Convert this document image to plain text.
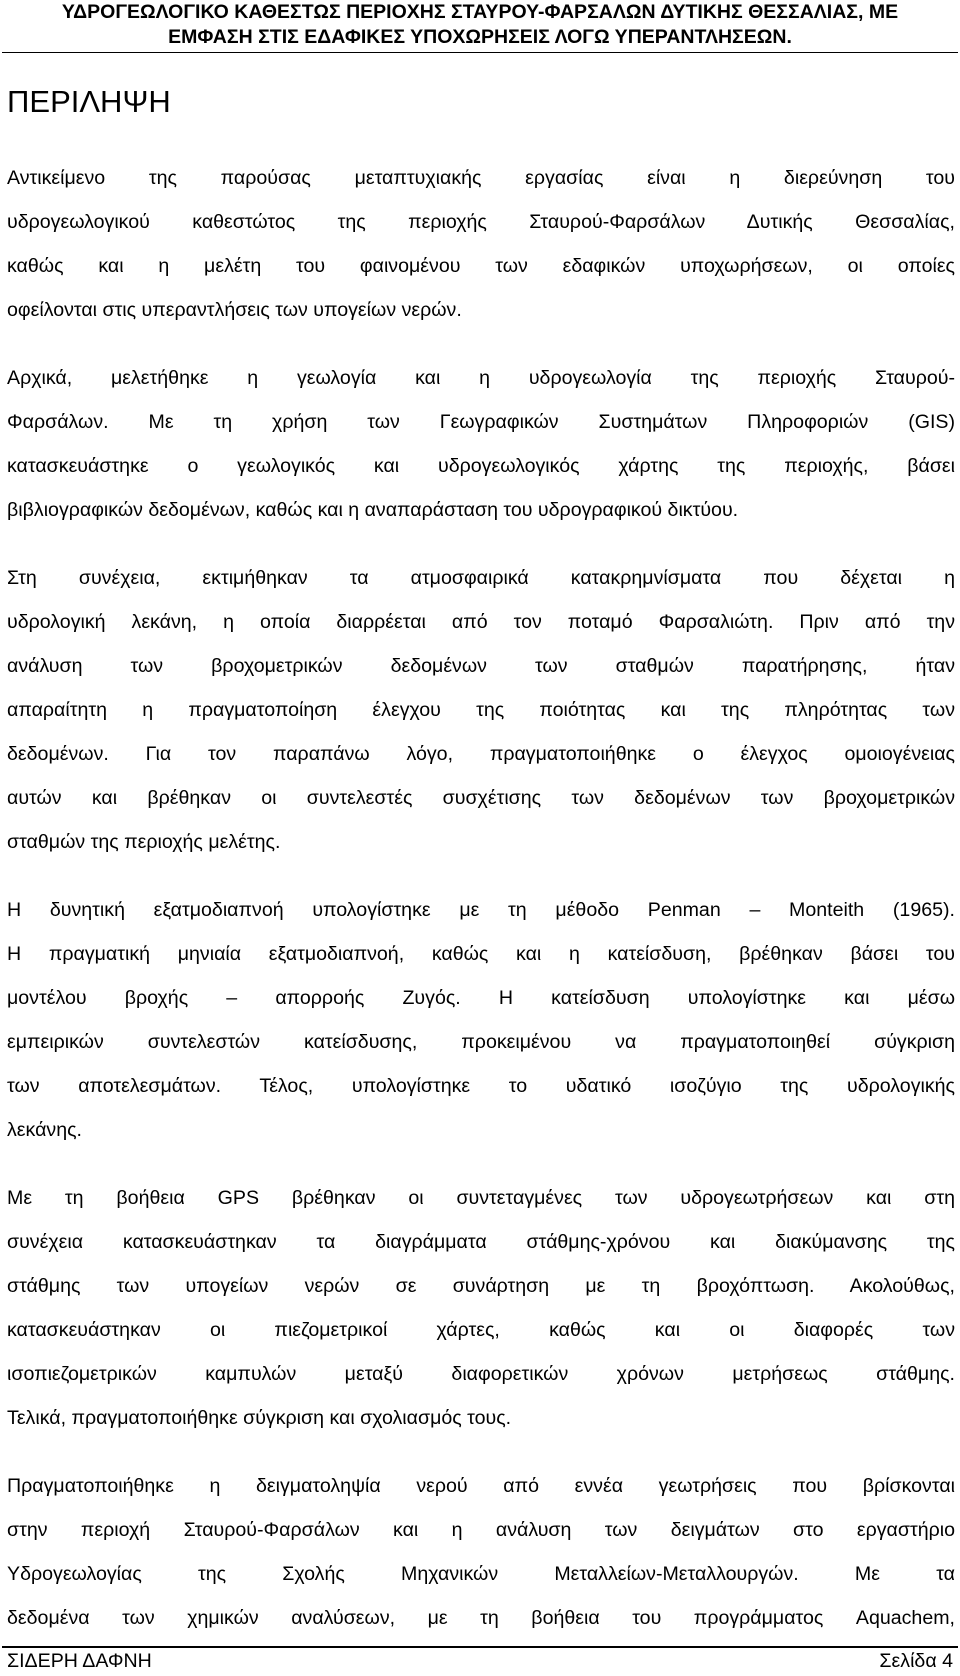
ΥΔΡΟΓΕΩΛΟΓΙΚΟ ΚΑΘΕΣΤΩΣ ΠΕΡΙΟΧΗΣ ΣΤΑΥΡΟΥ-ΦΑΡΣΑΛΩΝ ΔΥΤΙΚΗΣ ΘΕΣΣΑΛΙΑΣ, ΜΕ
ΕΜΦΑΣΗ ΣΤΙΣ ΕΔΑΦΙΚΕΣ ΥΠΟΧΩΡΗΣΕΙΣ ΛΟΓΩ ΥΠΕΡΑΝΤΛΗΣΕΩΝ.
ΠΕΡΙΛΗΨΗ
Αντικείμενο της παρούσας μεταπτυχιακής εργασίας είναι η διερεύνηση του
υδρογεωλογικού καθεστώτος της περιοχής Σταυρού-Φαρσάλων Δυτικής Θεσσαλίας,
καθώς και η μελέτη του φαινομένου των εδαφικών υποχωρήσεων, οι οποίες
οφείλονται στις υπεραντλήσεις των υπογείων νερών.
Αρχικά, μελετήθηκε η γεωλογία και η υδρογεωλογία της περιοχής Σταυρού-
Φαρσάλων. Με τη χρήση των Γεωγραφικών Συστημάτων Πληροφοριών (GIS)
κατασκευάστηκε ο γεωλογικός και υδρογεωλογικός χάρτης της περιοχής, βάσει
βιβλιογραφικών δεδομένων, καθώς και η αναπαράσταση του υδρογραφικού δικτύου.
Στη συνέχεια, εκτιμήθηκαν τα ατμοσφαιρικά κατακρημνίσματα που δέχεται η
υδρολογική λεκάνη, η οποία διαρρέεται από τον ποταμό Φαρσαλιώτη. Πριν από την
ανάλυση των βροχομετρικών δεδομένων των σταθμών παρατήρησης, ήταν
απαραίτητη η πραγματοποίηση έλεγχου της ποιότητας και της πληρότητας των
δεδομένων. Για τον παραπάνω λόγο, πραγματοποιήθηκε ο έλεγχος ομοιογένειας
αυτών και βρέθηκαν οι συντελεστές συσχέτισης των δεδομένων των βροχομετρικών
σταθμών της περιοχής μελέτης.
Η δυνητική εξατμοδιαπνοή υπολογίστηκε με τη μέθοδο Penman – Monteith (1965).
Η πραγματική μηνιαία εξατμοδιαπνοή, καθώς και η κατείσδυση, βρέθηκαν βάσει του
μοντέλου βροχής – απορροής Ζυγός. Η κατείσδυση υπολογίστηκε και μέσω
εμπειρικών συντελεστών κατείσδυσης, προκειμένου να πραγματοποιηθεί σύγκριση
των αποτελεσμάτων. Τέλος, υπολογίστηκε το υδατικό ισοζύγιο της υδρολογικής
λεκάνης.
Με τη βοήθεια GPS βρέθηκαν οι συντεταγμένες των υδρογεωτρήσεων και στη
συνέχεια κατασκευάστηκαν τα διαγράμματα στάθμης-χρόνου και διακύμανσης της
στάθμης των υπογείων νερών σε συνάρτηση με τη βροχόπτωση. Ακολούθως,
κατασκευάστηκαν οι πιεζομετρικοί χάρτες, καθώς και οι διαφορές των
ισοπιεζομετρικών καμπυλών μεταξύ διαφορετικών χρόνων μετρήσεως στάθμης.
Τελικά, πραγματοποιήθηκε σύγκριση και σχολιασμός τους.
Πραγματοποιήθηκε η δειγματοληψία νερού από εννέα γεωτρήσεις που βρίσκονται
στην περιοχή Σταυρού-Φαρσάλων και η ανάλυση των δειγμάτων στο εργαστήριο
Υδρογεωλογίας της Σχολής Μηχανικών Μεταλλείων-Μεταλλουργών. Με τα
δεδομένα των χημικών αναλύσεων, με τη βοήθεια του προγράμματος Aquachem,
ΣΙΔΕΡΗ ΔΑΦΝΗ	Σελίδα 4
